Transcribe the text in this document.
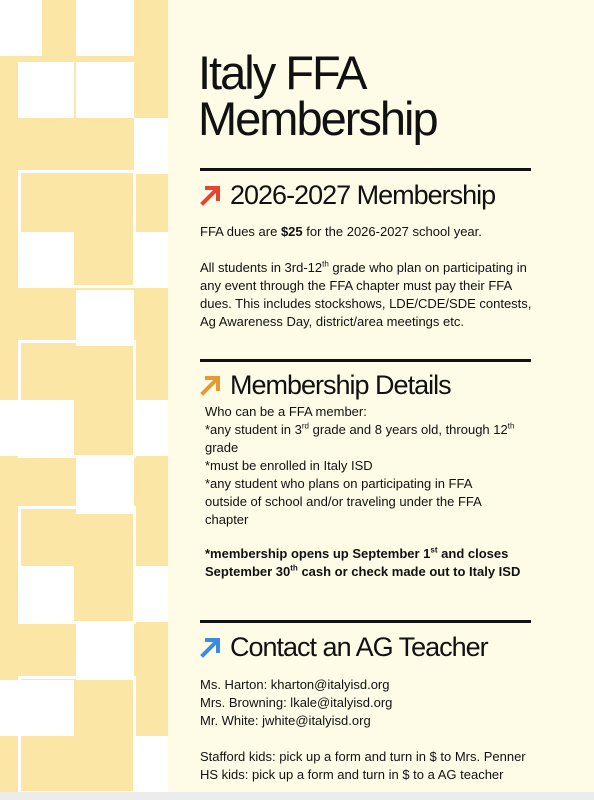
Italy FFA
Membership
2026-2027 Membership
FFA dues are $25 for the 2026-2027 school year.
All students in 3rd-12th grade who plan on participating in any event through the FFA chapter must pay their FFA dues. This includes stockshows, LDE/CDE/SDE contests, Ag Awareness Day, district/area meetings etc.
Membership Details
Who can be a FFA member:
*any student in 3rd grade and 8 years old, through 12th grade
*must be enrolled in Italy ISD
*any student who plans on participating in FFA outside of school and/or traveling under the FFA chapter
*membership opens up September 1st and closes September 30th cash or check made out to Italy ISD
Contact an AG Teacher
Ms. Harton: kharton@italyisd.org
Mrs. Browning: lkale@italyisd.org
Mr. White: jwhite@italyisd.org
Stafford kids: pick up a form and turn in $ to Mrs. Penner
HS kids: pick up a form and turn in $ to a AG teacher
